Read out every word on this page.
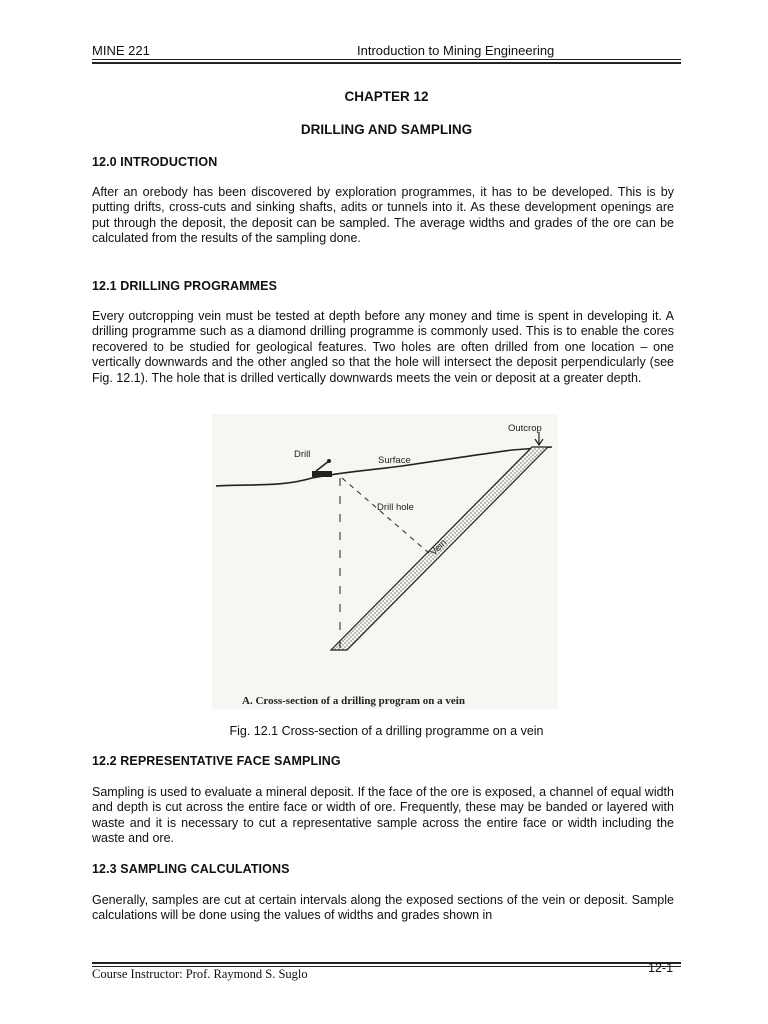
MINE 221	Introduction to Mining Engineering
CHAPTER 12
DRILLING AND SAMPLING
12.0 INTRODUCTION
After an orebody has been discovered by exploration programmes, it has to be developed. This is by putting drifts, cross-cuts and sinking shafts, adits or tunnels into it. As these development openings are put through the deposit, the deposit can be sampled. The average widths and grades of the ore can be calculated from the results of the sampling done.
12.1 DRILLING PROGRAMMES
Every outcropping vein must be tested at depth before any money and time is spent in developing it. A drilling programme such as a diamond drilling programme is commonly used. This is to enable the cores recovered to be studied for geological features. Two holes are often drilled from one location – one vertically downwards and the other angled so that the hole will intersect the deposit perpendicularly (see Fig. 12.1). The hole that is drilled vertically downwards meets the vein or deposit at a greater depth.
Outcrop
Drill
Surface
Drill hole
Vein
A. Cross-section of a drilling program on a vein
Fig. 12.1 Cross-section of a drilling programme on a vein
12.2 REPRESENTATIVE FACE SAMPLING
Sampling is used to evaluate a mineral deposit. If the face of the ore is exposed, a channel of equal width and depth is cut across the entire face or width of ore. Frequently, these may be banded or layered with waste and it is necessary to cut a representative sample across the entire face or width including the waste and ore.
12.3 SAMPLING CALCULATIONS
Generally, samples are cut at certain intervals along the exposed sections of the vein or deposit. Sample calculations will be done using the values of widths and grades shown in
Course Instructor: Prof. Raymond S. Suglo	12-1
